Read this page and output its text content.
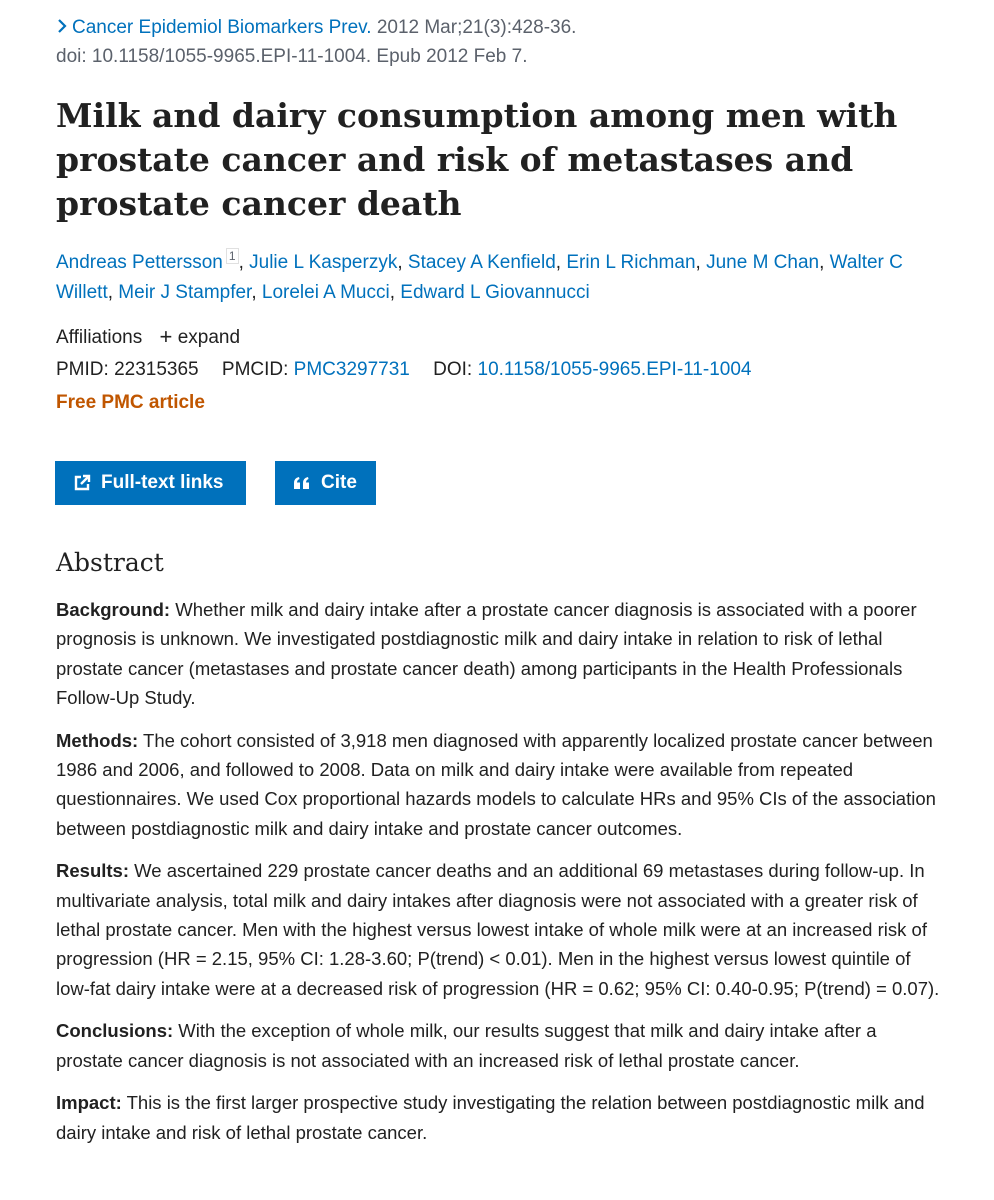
Cancer Epidemiol Biomarkers Prev. 2012 Mar;21(3):428-36.
doi: 10.1158/1055-9965.EPI-11-1004. Epub 2012 Feb 7.
Milk and dairy consumption among men with prostate cancer and risk of metastases and prostate cancer death
Andreas Pettersson $^1$ , Julie L Kasperzyk, Stacey A Kenfield, Erin L Richman, June M Chan, Walter C Willett, Meir J Stampfer, Lorelei A Mucci, Edward L Giovannucci
Affiliations + expand
PMID: 22315365 PMCID: PMC3297731 DOI: 10.1158/1055-9965.EPI-11-1004
Free PMC article
Full-text links	Cite
Abstract

Background: Whether milk and dairy intake after a prostate cancer diagnosis is associated with a poorer prognosis is unknown. We investigated postdiagnostic milk and dairy intake in relation to risk of lethal prostate cancer (metastases and prostate cancer death) among participants in the Health Professionals Follow-Up Study.

Methods: The cohort consisted of 3,918 men diagnosed with apparently localized prostate cancer between 1986 and 2006, and followed to 2008. Data on milk and dairy intake were available from repeated questionnaires. We used Cox proportional hazards models to calculate HRs and 95% CIs of the association between postdiagnostic milk and dairy intake and prostate cancer outcomes.

Results: We ascertained 229 prostate cancer deaths and an additional 69 metastases during follow-up. In multivariate analysis, total milk and dairy intakes after diagnosis were not associated with a greater risk of lethal prostate cancer. Men with the highest versus lowest intake of whole milk were at an increased risk of progression (HR = 2.15, 95% CI: 1.28-3.60; P(trend) < 0.01). Men in the highest versus lowest quintile of low-fat dairy intake were at a decreased risk of progression (HR = 0.62; 95% CI: 0.40-0.95; P(trend) = 0.07).

Conclusions: With the exception of whole milk, our results suggest that milk and dairy intake after a prostate cancer diagnosis is not associated with an increased risk of lethal prostate cancer.

Impact: This is the first larger prospective study investigating the relation between postdiagnostic milk and dairy intake and risk of lethal prostate cancer.
